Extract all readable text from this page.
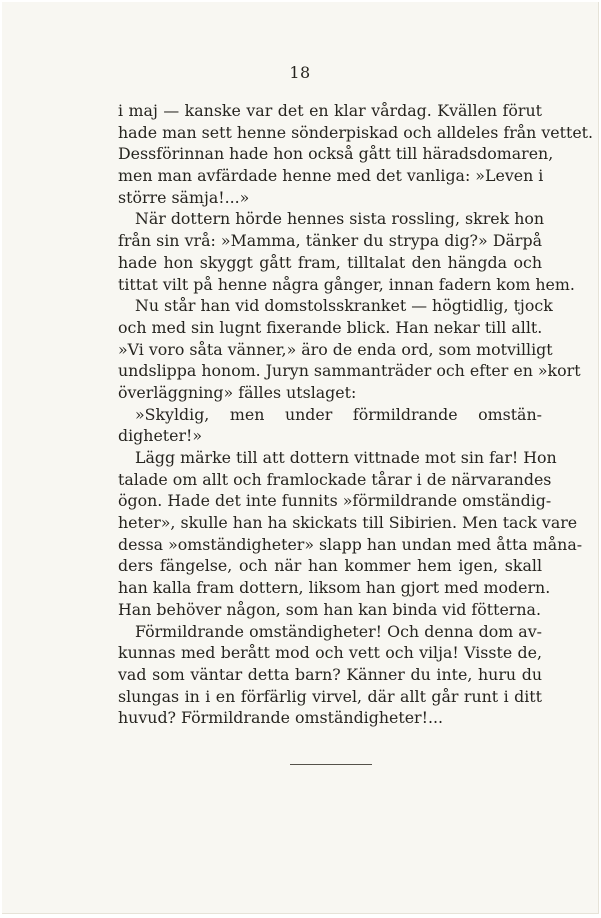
18
i maj — kanske var det en klar vårdag. Kvällen förut
hade man sett henne sönderpiskad och alldeles från vettet.
Dessförinnan hade hon också gått till häradsdomaren,
men man avfärdade henne med det vanliga: »Leven i
större sämja!...»
När dottern hörde hennes sista rossling, skrek hon
från sin vrå: »Mamma, tänker du strypa dig?» Därpå
hade hon skyggt gått fram, tilltalat den hängda och
tittat vilt på henne några gånger, innan fadern kom hem.
Nu står han vid domstolsskranket — högtidlig, tjock
och med sin lugnt fixerande blick. Han nekar till allt.
»Vi voro såta vänner,» äro de enda ord, som motvilligt
undslippa honom. Juryn sammanträder och efter en »kort
överläggning» fälles utslaget:
»Skyldig, men under förmildrande omstän-
digheter!»
Lägg märke till att dottern vittnade mot sin far! Hon
talade om allt och framlockade tårar i de närvarandes
ögon. Hade det inte funnits »förmildrande omständig-
heter», skulle han ha skickats till Sibirien. Men tack vare
dessa »omständigheter» slapp han undan med åtta måna-
ders fängelse, och när han kommer hem igen, skall
han kalla fram dottern, liksom han gjort med modern.
Han behöver någon, som han kan binda vid fötterna.
Förmildrande omständigheter! Och denna dom av-
kunnas med berått mod och vett och vilja! Visste de,
vad som väntar detta barn? Känner du inte, huru du
slungas in i en förfärlig virvel, där allt går runt i ditt
huvud? Förmildrande omständigheter!...
